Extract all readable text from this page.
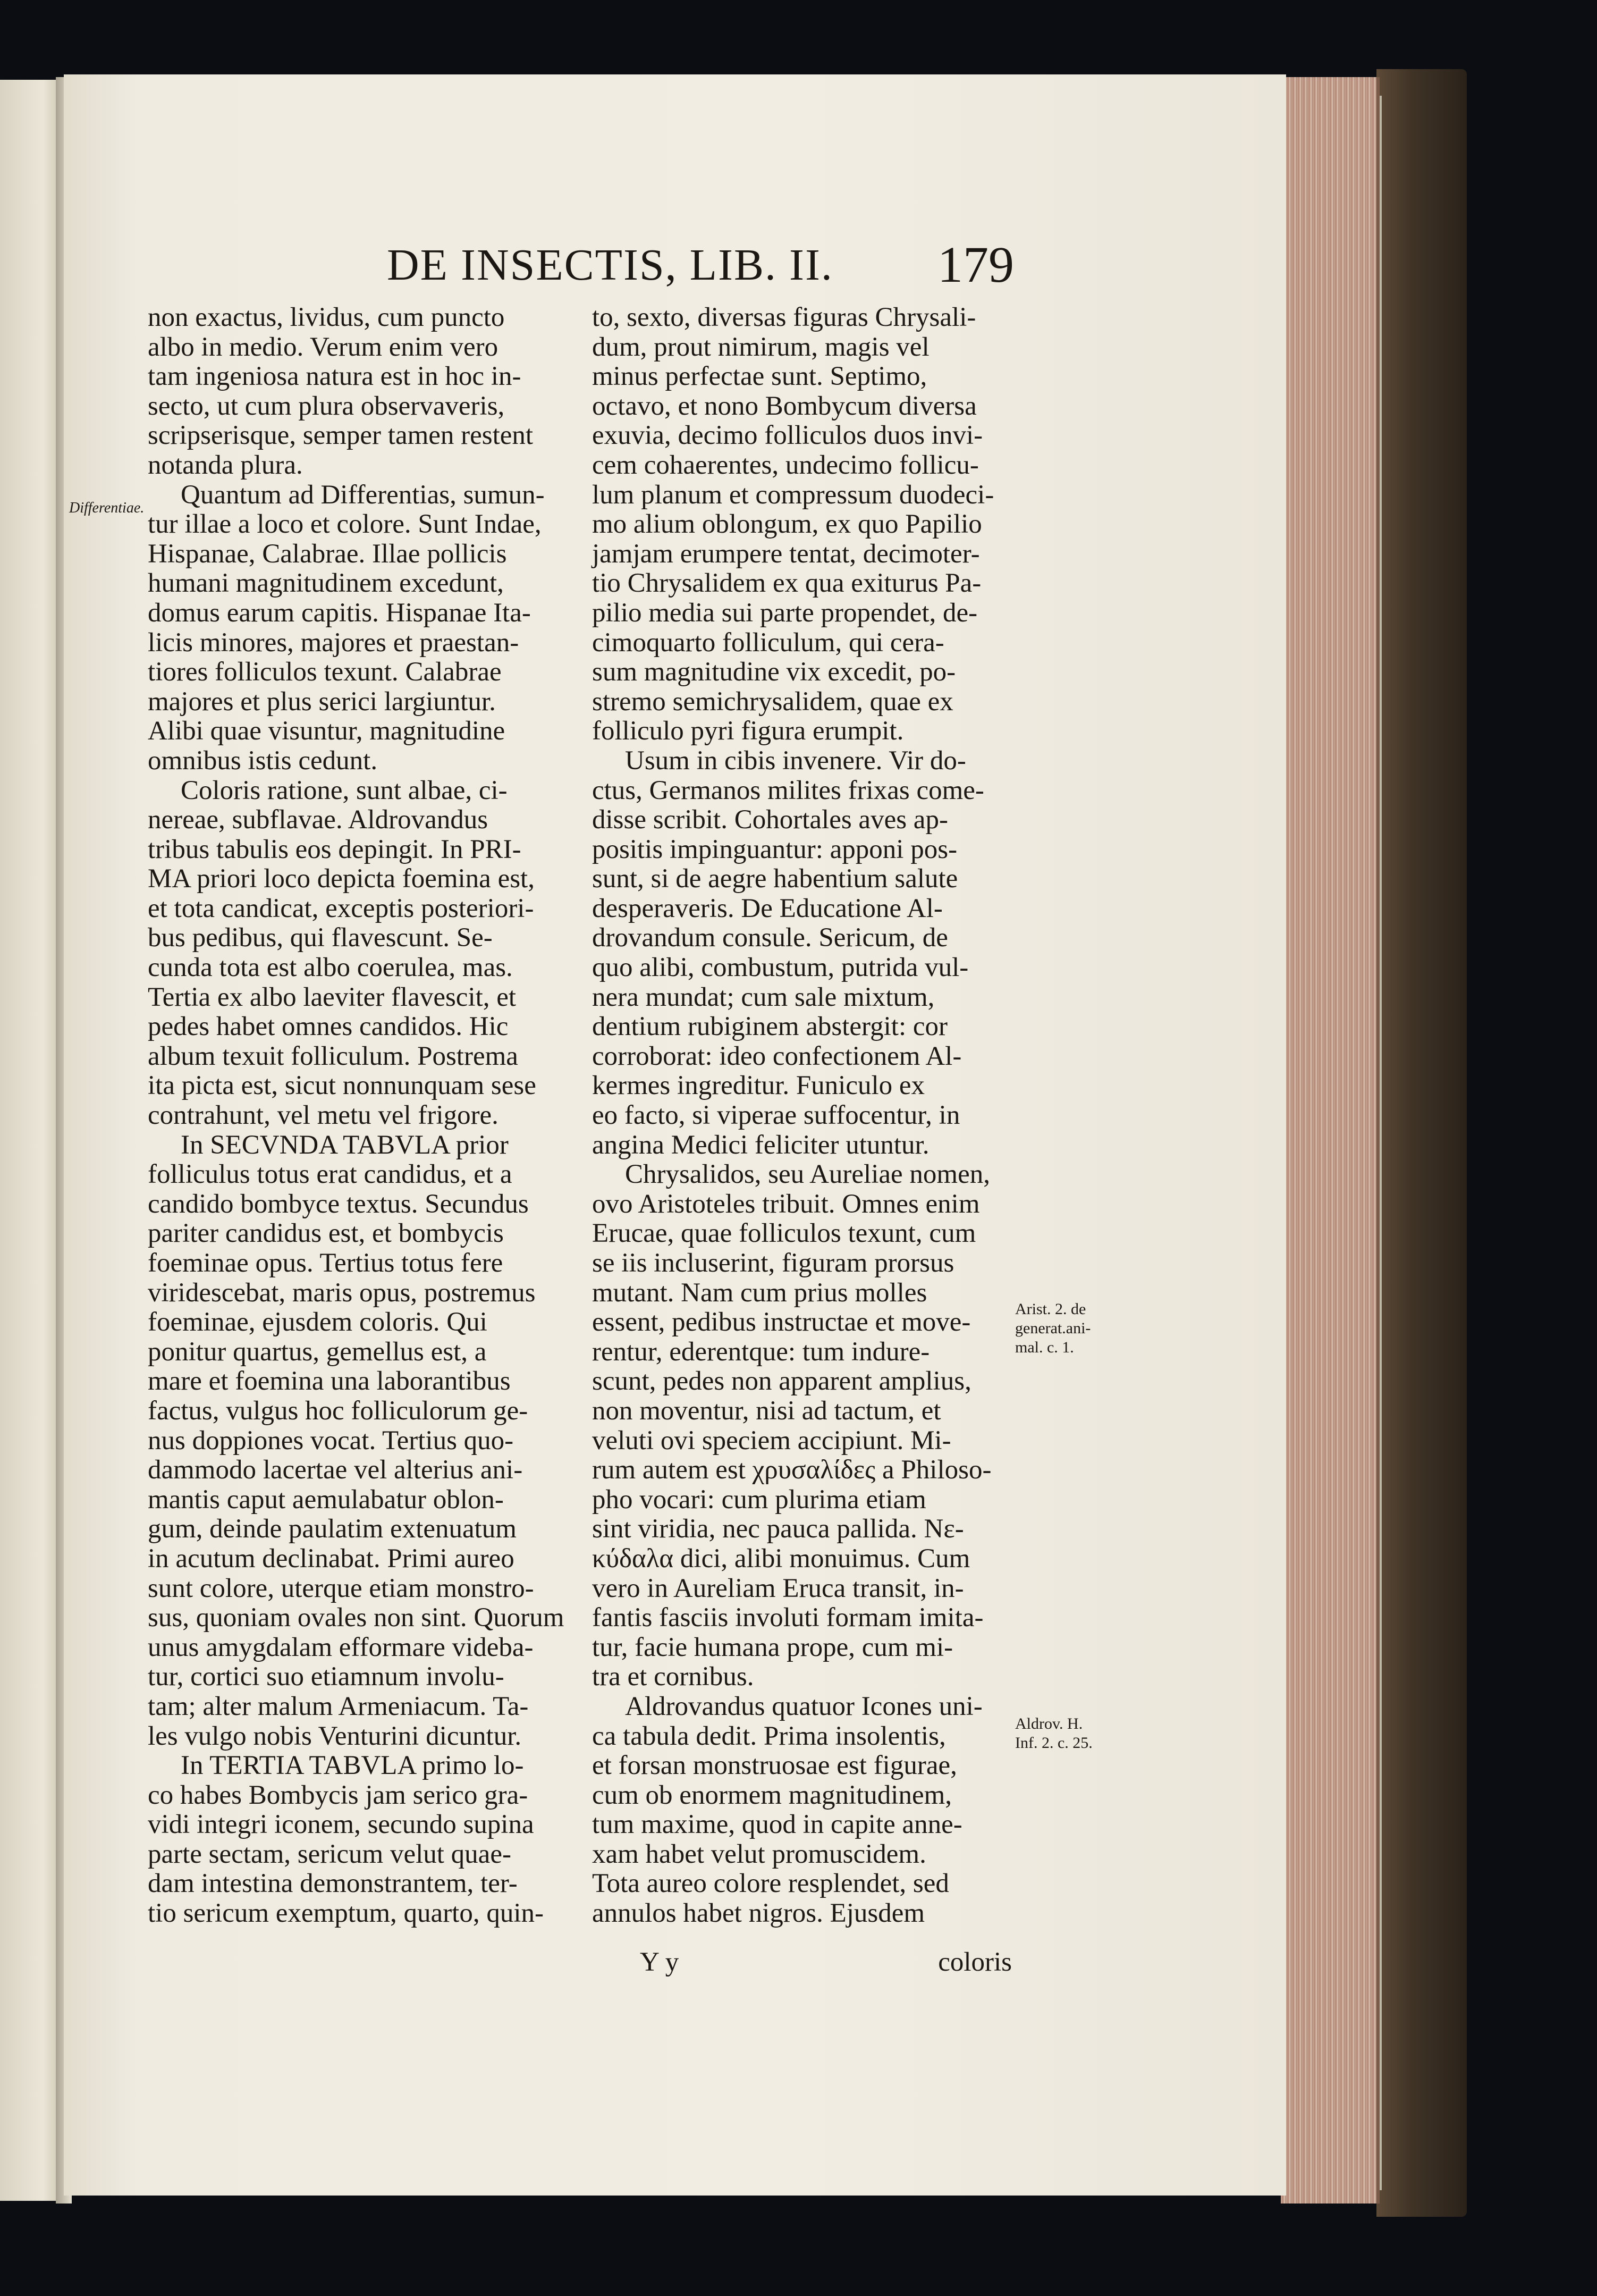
DE INSECTIS, LIB. II. 179

non exactus, lividus, cum puncto

albo in medio. Verum enim vero

tam ingeniosa natura est in hoc in-

secto, ut cum plura observaveris,

scripserisque, semper tamen restent

notanda plura.

Quantum ad Differentias, sumun-

tur illae a loco et colore. Sunt Indae,

Hispanae, Calabrae. Illae pollicis

humani magnitudinem excedunt,

domus earum capitis. Hispanae Ita-

licis minores, majores et praestan-

tiores folliculos texunt. Calabrae

majores et plus serici largiuntur.

Alibi quae visuntur, magnitudine

omnibus istis cedunt.

Coloris ratione, sunt albae, ci-

nereae, subflavae. Aldrovandus

tribus tabulis eos depingit. In PRI-

MA priori loco depicta foemina est,

et tota candicat, exceptis posteriori-

bus pedibus, qui flavescunt. Se-

cunda tota est albo coerulea, mas.

Tertia ex albo laeviter flavescit, et

pedes habet omnes candidos. Hic

album texuit folliculum. Postrema

ita picta est, sicut nonnunquam sese

contrahunt, vel metu vel frigore.

In SECVNDA TABVLA prior

folliculus totus erat candidus, et a

candido bombyce textus. Secundus

pariter candidus est, et bombycis

foeminae opus. Tertius totus fere

viridescebat, maris opus, postremus

foeminae, ejusdem coloris. Qui

ponitur quartus, gemellus est, a

mare et foemina una laborantibus

factus, vulgus hoc folliculorum ge-

nus doppiones vocat. Tertius quo-

dammodo lacertae vel alterius ani-

mantis caput aemulabatur oblon-

gum, deinde paulatim extenuatum

in acutum declinabat. Primi aureo

sunt colore, uterque etiam monstro-

sus, quoniam ovales non sint. Quorum

unus amygdalam efformare videba-

tur, cortici suo etiamnum involu-

tam; alter malum Armeniacum. Ta-

les vulgo nobis Venturini dicuntur.

In TERTIA TABVLA primo lo-

co habes Bombycis jam serico gra-

vidi integri iconem, secundo supina

parte sectam, sericum velut quae-

dam intestina demonstrantem, ter-

tio sericum exemptum, quarto, quin-

to, sexto, diversas figuras Chrysali-

dum, prout nimirum, magis vel

minus perfectae sunt. Septimo,

octavo, et nono Bombycum diversa

exuvia, decimo folliculos duos invi-

cem cohaerentes, undecimo follicu-

lum planum et compressum duodeci-

mo alium oblongum, ex quo Papilio

jamjam erumpere tentat, decimoter-

tio Chrysalidem ex qua exiturus Pa-

pilio media sui parte propendet, de-

cimoquarto folliculum, qui cera-

sum magnitudine vix excedit, po-

stremo semichrysalidem, quae ex

folliculo pyri figura erumpit.

Usum in cibis invenere. Vir do-

ctus, Germanos milites frixas come-

disse scribit. Cohortales aves ap-

positis impinguantur: apponi pos-

sunt, si de aegre habentium salute

desperaveris. De Educatione Al-

drovandum consule. Sericum, de

quo alibi, combustum, putrida vul-

nera mundat; cum sale mixtum,

dentium rubiginem abstergit: cor

corroborat: ideo confectionem Al-

kermes ingreditur. Funiculo ex

eo facto, si viperae suffocentur, in

angina Medici feliciter utuntur.

Chrysalidos, seu Aureliae nomen,

ovo Aristoteles tribuit. Omnes enim

Erucae, quae folliculos texunt, cum

se iis incluserint, figuram prorsus

mutant. Nam cum prius molles

essent, pedibus instructae et move-

rentur, ederentque: tum indure-

scunt, pedes non apparent amplius,

non moventur, nisi ad tactum, et

veluti ovi speciem accipiunt. Mi-

rum autem est χρυσαλίδες a Philoso-

pho vocari: cum plurima etiam

sint viridia, nec pauca pallida. Νε-

κύδαλα dici, alibi monuimus. Cum

vero in Aureliam Eruca transit, in-

fantis fasciis involuti formam imita-

tur, facie humana prope, cum mi-

tra et cornibus.

Aldrovandus quatuor Icones uni-

ca tabula dedit. Prima insolentis,

et forsan monstruosae est figurae,

cum ob enormem magnitudinem,

tum maxime, quod in capite anne-

xam habet velut promuscidem.

Tota aureo colore resplendet, sed

annulos habet nigros. Ejusdem

Differentiae.
Arist. 2. de
generat.ani-
mal. c. 1.
Aldrov. H.
Inf. 2. c. 25.
Y y	coloris
